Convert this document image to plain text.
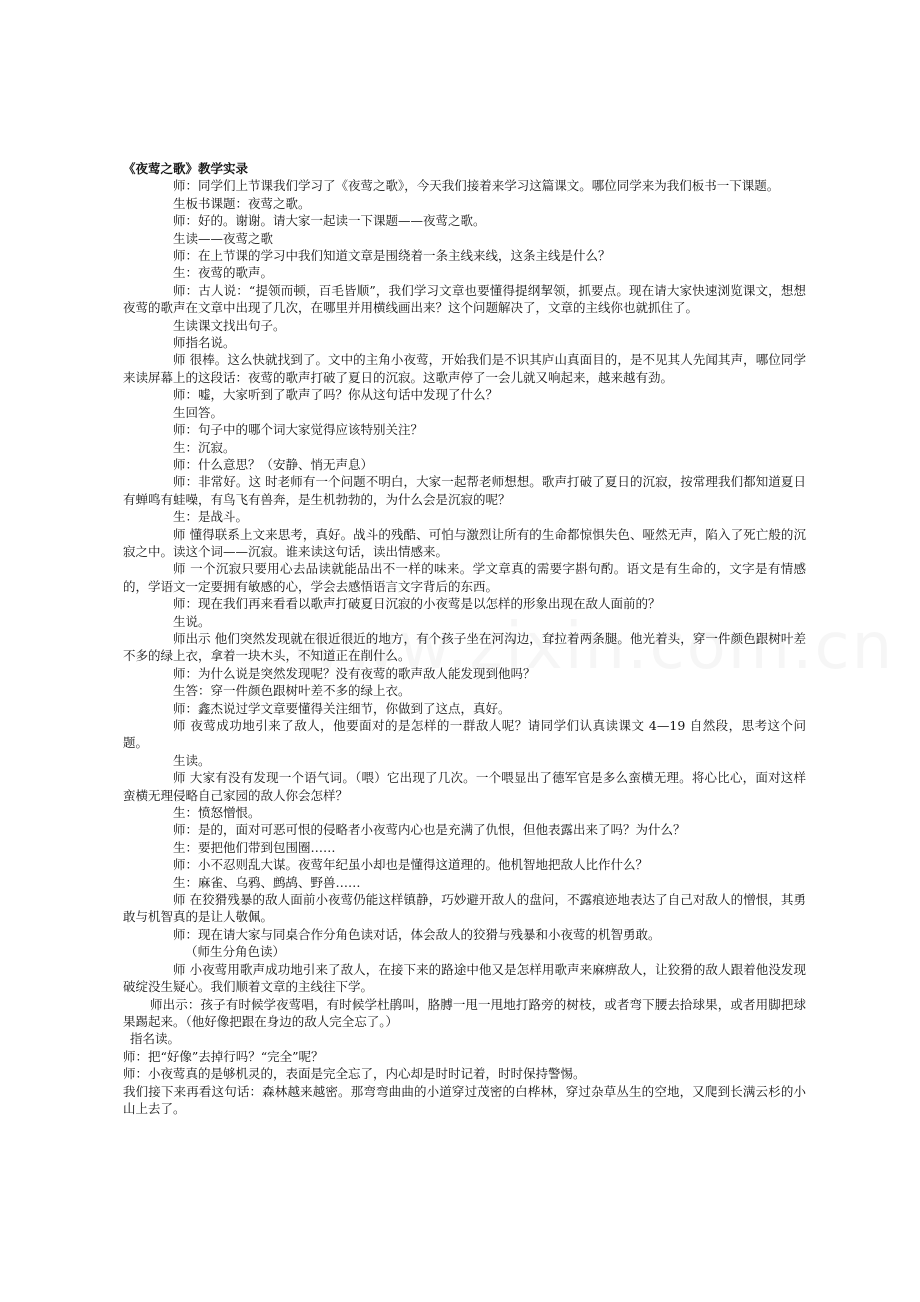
《夜莺之歌》教学实录

师：同学们上节课我们学习了《夜莺之歌》，今天我们接着来学习这篇课文。哪位同学来为我们板书一下课题。

生板书课题：夜莺之歌。

师：好的。谢谢。请大家一起读一下课题——夜莺之歌。

生读——夜莺之歌

师：在上节课的学习中我们知道文章是围绕着一条主线来线，这条主线是什么？

生：夜莺的歌声。

师：古人说：“提领而顿，百毛皆顺”，我们学习文章也要懂得提纲挈领，抓要点。现在请大家快速浏览课文，想想夜莺的歌声在文章中出现了几次，在哪里并用横线画出来？这个问题解决了，文章的主线你也就抓住了。

生读课文找出句子。

师指名说。

师 很棒。这么快就找到了。文中的主角小夜莺，开始我们是不识其庐山真面目的，是不见其人先闻其声，哪位同学来读屏幕上的这段话：夜莺的歌声打破了夏日的沉寂。这歌声停了一会儿就又响起来，越来越有劲。

师：嘘，大家听到了歌声了吗？你从这句话中发现了什么？

生回答。

师：句子中的哪个词大家觉得应该特别关注？

生：沉寂。

师：什么意思？（安静、悄无声息）

师：非常好。这 时老师有一个问题不明白，大家一起帮老师想想。歌声打破了夏日的沉寂，按常理我们都知道夏日有蝉鸣有蛙噪，有鸟飞有兽奔，是生机勃勃的，为什么会是沉寂的呢？

生：是战斗。

师 懂得联系上文来思考，真好。战斗的残酷、可怕与激烈让所有的生命都惊惧失色、哑然无声，陷入了死亡般的沉寂之中。读这个词——沉寂。谁来读这句话，读出情感来。

师 一个沉寂只要用心去品读就能品出不一样的味来。学文章真的需要字斟句酌。语文是有生命的，文字是有情感的，学语文一定要拥有敏感的心，学会去感悟语言文字背后的东西。

师：现在我们再来看看以歌声打破夏日沉寂的小夜莺是以怎样的形象出现在敌人面前的？

生说。

师出示 他们突然发现就在很近很近的地方，有个孩子坐在河沟边，耷拉着两条腿。他光着头，穿一件颜色跟树叶差不多的绿上衣，拿着一块木头，不知道正在削什么。

师：为什么说是突然发现呢？没有夜莺的歌声敌人能发现到他吗？

生答：穿一件颜色跟树叶差不多的绿上衣。

师：鑫杰说过学文章要懂得关注细节，你做到了这点，真好。

师 夜莺成功地引来了敌人，他要面对的是怎样的一群敌人呢？请同学们认真读课文 4—19 自然段，思考这个问题。

生读。

师 大家有没有发现一个语气词。（喂）它出现了几次。一个喂显出了德军官是多么蛮横无理。将心比心，面对这样蛮横无理侵略自己家园的敌人你会怎样？

生：愤怒憎恨。

师：是的，面对可恶可恨的侵略者小夜莺内心也是充满了仇恨，但他表露出来了吗？为什么？

生：要把他们带到包围圈……

师：小不忍则乱大谋。夜莺年纪虽小却也是懂得这道理的。他机智地把敌人比作什么？

生：麻雀、乌鸦、鹧鸪、野兽……

师 在狡猾残暴的敌人面前小夜莺仍能这样镇静，巧妙避开敌人的盘问，不露痕迹地表达了自己对敌人的憎恨，其勇敢与机智真的是让人敬佩。

师：现在请大家与同桌合作分角色读对话，体会敌人的狡猾与残暴和小夜莺的机智勇敢。

（师生分角色读）

师 小夜莺用歌声成功地引来了敌人，在接下来的路途中他又是怎样用歌声来麻痹敌人，让狡猾的敌人跟着他没发现破绽没生疑心。我们顺着文章的主线往下学。

师出示：孩子有时候学夜莺唱，有时候学杜鹃叫，胳膊一甩一甩地打路旁的树枝，或者弯下腰去拾球果，或者用脚把球果踢起来。（他好像把跟在身边的敌人完全忘了。）

指名读。

师：把“好像”去掉行吗？“完全”呢？

师：小夜莺真的是够机灵的，表面是完全忘了，内心却是时时记着，时时保持警惕。

我们接下来再看这句话：森林越来越密。那弯弯曲曲的小道穿过茂密的白桦林，穿过杂草丛生的空地，又爬到长满云杉的小山上去了。
